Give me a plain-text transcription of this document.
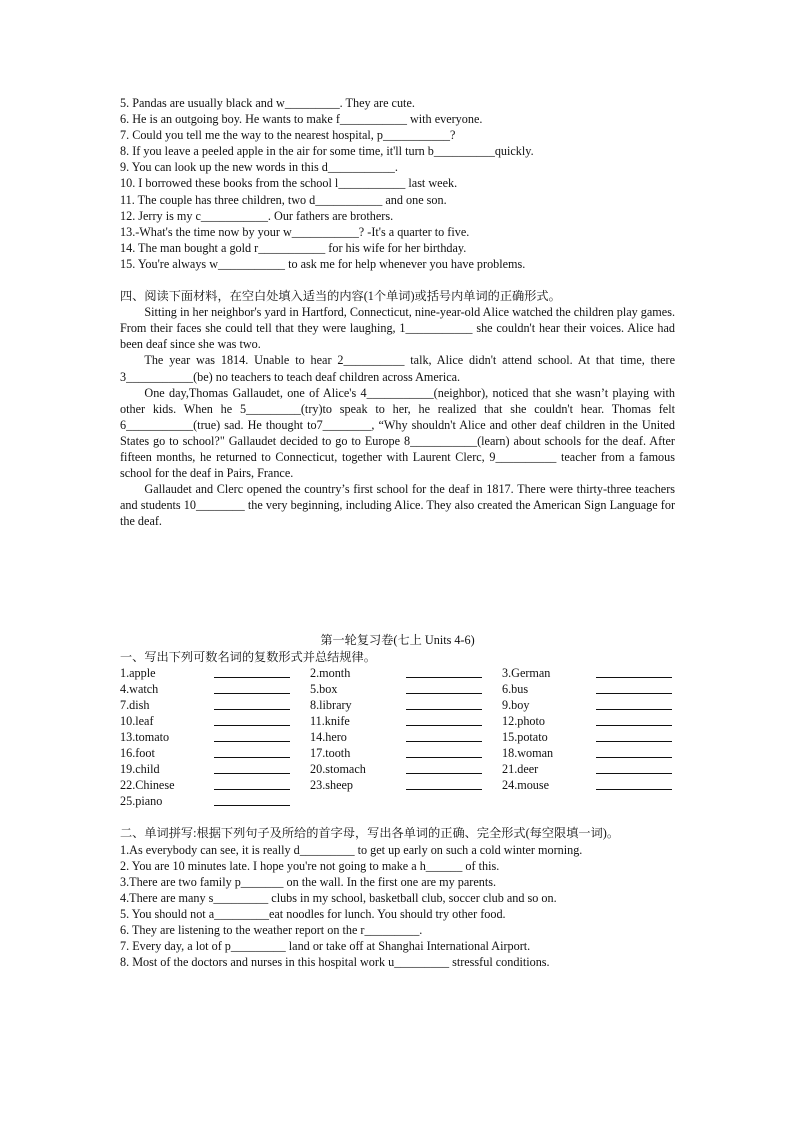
5. Pandas are usually black and w_________. They are cute.
6. He is an outgoing boy. He wants to make f___________ with everyone.
7. Could you tell me the way to the nearest hospital, p___________?
8. If you leave a peeled apple in the air for some time, it'll turn b__________quickly.
9. You can look up the new words in this d___________.
10. I borrowed these books from the school l___________ last week.
11. The couple has three children, two d___________ and one son.
12. Jerry is my c___________. Our fathers are brothers.
13.-What's the time now by your w___________? -It's a quarter to five.
14. The man bought a gold r___________ for his wife for her birthday.
15. You're always w___________ to ask me for help whenever you have problems.
四、阅读下面材料，在空白处填入适当的内容(1个单词)或括号内单词的正确形式。
Sitting in her neighbor's yard in Hartford, Connecticut, nine-year-old Alice watched the children play games. From their faces she could tell that they were laughing, 1___________ she couldn't hear their voices. Alice had been deaf since she was two.
The year was 1814. Unable to hear 2__________ talk, Alice didn't attend school. At that time, there 3___________(be) no teachers to teach deaf children across America.
One day,Thomas Gallaudet, one of Alice's 4___________(neighbor), noticed that she wasn’t playing with other kids. When he 5_________(try)to speak to her, he realized that she couldn't hear. Thomas felt 6___________(true) sad. He thought to7________, “Why shouldn't Alice and other deaf children in the United States go to school?" Gallaudet decided to go to Europe 8___________(learn) about schools for the deaf. After fifteen months, he returned to Connecticut, together with Laurent Clerc, 9__________ teacher from a famous school for the deaf in Pairs, France.
Gallaudet and Clerc opened the country’s first school for the deaf in 1817. There were thirty-three teachers and students 10________ the very beginning, including Alice. They also created the American Sign Language for the deaf.
第一轮复习卷(七上 Units 4-6)
一、写出下列可数名词的复数形式并总结规律。
1.apple	2.month	3.German
4.watch	5.box	6.bus
7.dish	8.library	9.boy
10.leaf	11.knife	12.photo
13.tomato	14.hero	15.potato
16.foot	17.tooth	18.woman
19.child	20.stomach	21.deer
22.Chinese	23.sheep	24.mouse
25.piano
二、单词拼写:根据下列句子及所给的首字母，写出各单词的正确、完全形式(每空限填一词)。
1.As everybody can see, it is really d_________ to get up early on such a cold winter morning.
2. You are 10 minutes late. I hope you're not going to make a h______ of this.
3.There are two family p_______ on the wall. In the first one are my parents.
4.There are many s_________ clubs in my school, basketball club, soccer club and so on.
5. You should not a_________eat noodles for lunch. You should try other food.
6. They are listening to the weather report on the r_________.
7. Every day, a lot of p_________ land or take off at Shanghai International Airport.
8. Most of the doctors and nurses in this hospital work u_________ stressful conditions.
